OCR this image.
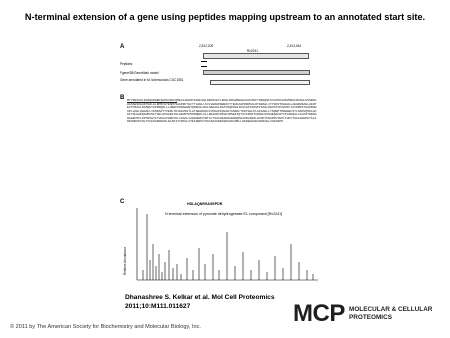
N-terminal extension of a gene using peptides mapping upstream to an annotated start site.
A	2,512,209	2,513,044
Rv2241
Peptides
FgeneSB/GeneMark model
Gene annotated in M. tuberculosis CDC1551
B MTVSHSASLRLNQGRHEPIEPSVAKFQMEALAGHRYGDAFAQLNRASVETLKDGLRRAHSEGEAAVFSRFTSRGQNFSVLPKDIHKVMRGFRFAHLGSSRAHHGSAESRAAKTGDLGLRPRFGYESPFSAGPRCTGFTTLDHLLSVLVERHPGWRAVTTEHFAAPRDPKALRTGRAGLVYYGPWTDGGHLLAEHDHSAGLAGVPEFTPSAALRASQHYAPPRQRLLLHSEFPRHAGWNTQNDLHLWSLSAHAGLPGAYNQPRLEIDAVAATADSKTSASLRGASTVPADVRLTAVDRPSTGAPDGWAPLLKELQHAAFLVKRKAAYTVEMLTDIDGVSGTLATAEGRGRVLVPDAPFQGAHTASGDLTPETGGLPLAIGAHLLTSQRPTMHWGEFSYLSKNVQSKLHADFTQLHHEQANPGSFTAELAPGAESTGLHWVRTPDPRQEPLKLLDDAARIPFGDIRSEAIQYSVFSNSTVWSDLDSSAEQAFWTTPLREQALLGLPDTDRAWNAGEFMFLDPTRSGVLTVHAAVGEKVKLIAAALVAQGGERVVWTLFTSAAVEAEHGRHGQPEAKEVAERLGIHPTFNARSVTEPLTHKVTGALRAHPETALAWPADDGPIRLYVGFDADGRGDLRLAPITIRAVLATEIDQPGYSATAKAGREFQHSADLMRLLHEKEEHSEKHHSVELVHIGRPR
C	HDLAQNRSASEPDR
N-terminal extension of pyruvate dehydrogenase E1 component [Rv2241]
Relative Abundance
Dhanashree S. Kelkar et al. Mol Cell Proteomics
2011;10:M111.011627
© 2011 by The American Society for Biochemistry and Molecular Biology, Inc.	MCP MOLECULAR & CELLULAR
PROTEOMICS
